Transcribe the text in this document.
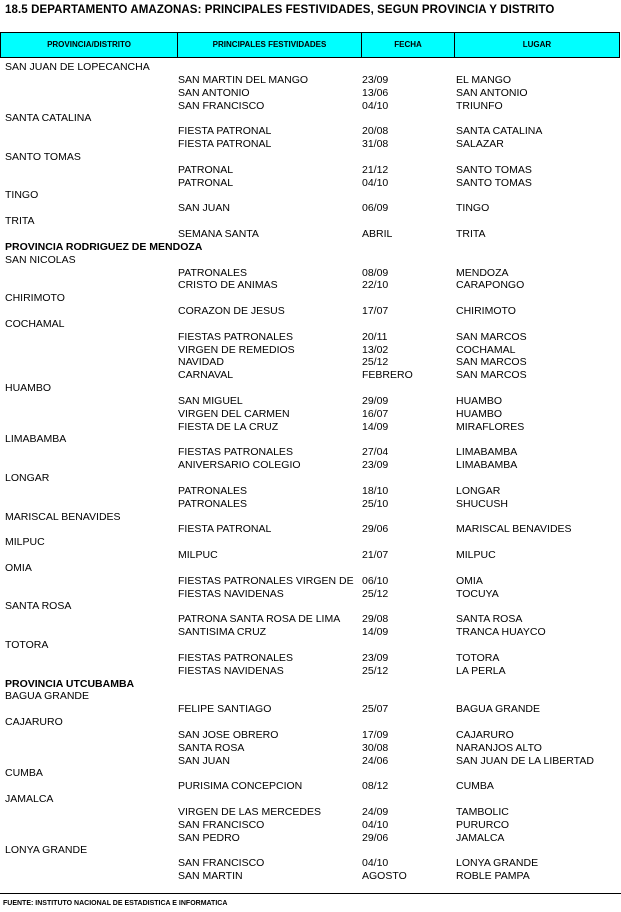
18.5 DEPARTAMENTO AMAZONAS: PRINCIPALES FESTIVIDADES, SEGUN PROVINCIA Y DISTRITO
PROVINCIA/DISTRITO	PRINCIPALES FESTIVIDADES	FECHA	LUGAR
SAN JUAN DE LOPECANCHA
SAN MARTIN DEL MANGO	23/09	EL MANGO
SAN ANTONIO	13/06	SAN ANTONIO
SAN FRANCISCO	04/10	TRIUNFO
SANTA CATALINA
FIESTA PATRONAL	20/08	SANTA CATALINA
FIESTA PATRONAL	31/08	SALAZAR
SANTO TOMAS
PATRONAL	21/12	SANTO TOMAS
PATRONAL	04/10	SANTO TOMAS
TINGO
SAN JUAN	06/09	TINGO
TRITA
SEMANA SANTA	ABRIL	TRITA
PROVINCIA RODRIGUEZ DE MENDOZA
SAN NICOLAS
PATRONALES	08/09	MENDOZA
CRISTO DE ANIMAS	22/10	CARAPONGO
CHIRIMOTO
CORAZON DE JESUS	17/07	CHIRIMOTO
COCHAMAL
FIESTAS PATRONALES	20/11	SAN MARCOS
VIRGEN DE REMEDIOS	13/02	COCHAMAL
NAVIDAD	25/12	SAN MARCOS
CARNAVAL	FEBRERO	SAN MARCOS
HUAMBO
SAN MIGUEL	29/09	HUAMBO
VIRGEN DEL CARMEN	16/07	HUAMBO
FIESTA DE LA CRUZ	14/09	MIRAFLORES
LIMABAMBA
FIESTAS PATRONALES	27/04	LIMABAMBA
ANIVERSARIO COLEGIO	23/09	LIMABAMBA
LONGAR
PATRONALES	18/10	LONGAR
PATRONALES	25/10	SHUCUSH
MARISCAL BENAVIDES
FIESTA PATRONAL	29/06	MARISCAL BENAVIDES
MILPUC
MILPUC	21/07	MILPUC
OMIA
FIESTAS PATRONALES VIRGEN DE 06/10	OMIA
FIESTAS NAVIDENAS	25/12	TOCUYA
SANTA ROSA
PATRONA SANTA ROSA DE LIMA 29/08	SANTA ROSA
SANTISIMA CRUZ	14/09	TRANCA HUAYCO
TOTORA
FIESTAS PATRONALES	23/09	TOTORA
FIESTAS NAVIDENAS	25/12	LA PERLA
PROVINCIA UTCUBAMBA
BAGUA GRANDE
FELIPE SANTIAGO	25/07	BAGUA GRANDE
CAJARURO
SAN JOSE OBRERO	17/09	CAJARURO
SANTA ROSA	30/08	NARANJOS ALTO
SAN JUAN	24/06	SAN JUAN DE LA LIBERTAD
CUMBA
PURISIMA CONCEPCION	08/12	CUMBA
JAMALCA
VIRGEN DE LAS MERCEDES	24/09	TAMBOLIC
SAN FRANCISCO	04/10	PURURCO
SAN PEDRO	29/06	JAMALCA
LONYA GRANDE
SAN FRANCISCO	04/10	LONYA GRANDE
SAN MARTIN	AGOSTO	ROBLE PAMPA
FUENTE: INSTITUTO NACIONAL DE ESTADISTICA E INFORMATICA
